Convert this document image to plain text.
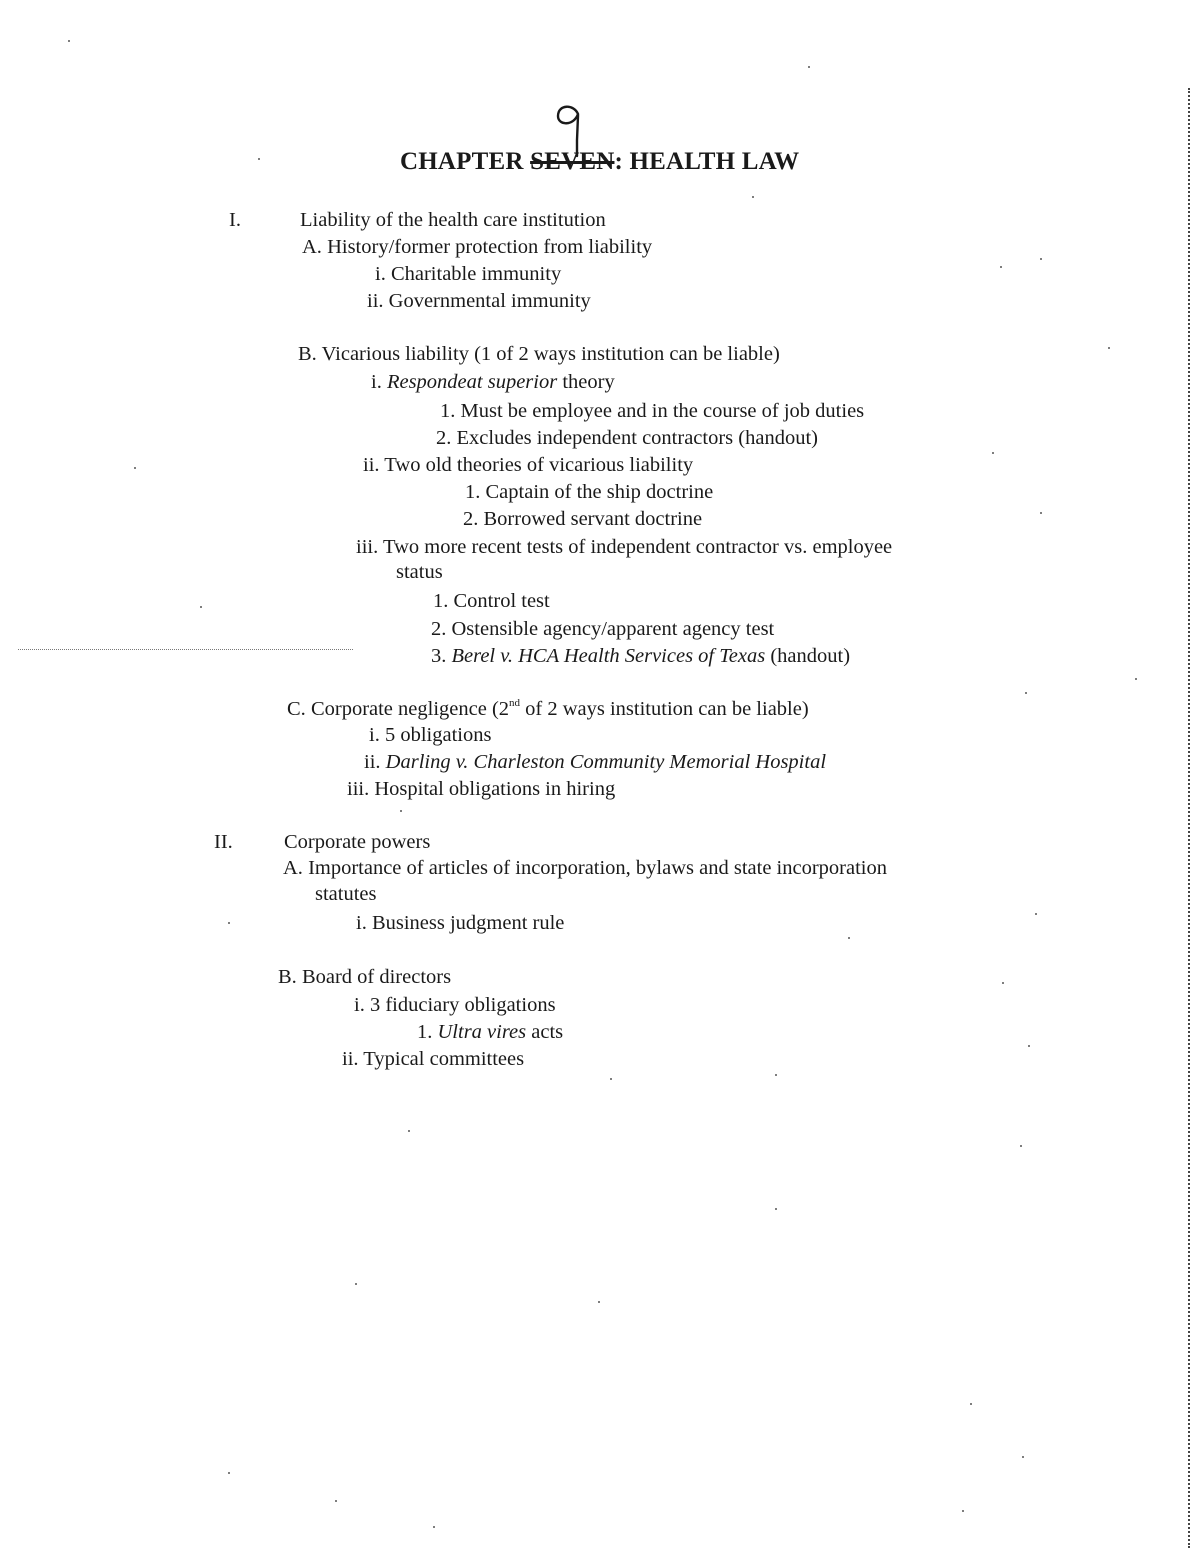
CHAPTER SEVEN: HEALTH LAW
I.	Liability of the health care institution
A. History/former protection from liability
i. Charitable immunity
ii. Governmental immunity
B. Vicarious liability (1 of 2 ways institution can be liable)
i. Respondeat superior theory
1. Must be employee and in the course of job duties
2. Excludes independent contractors (handout)
ii. Two old theories of vicarious liability
1. Captain of the ship doctrine
2. Borrowed servant doctrine
iii. Two more recent tests of independent contractor vs. employee
status
1. Control test
2. Ostensible agency/apparent agency test
3. Berel v. HCA Health Services of Texas (handout)
C. Corporate negligence (2nd of 2 ways institution can be liable)
i. 5 obligations
ii. Darling v. Charleston Community Memorial Hospital
iii. Hospital obligations in hiring
II. Corporate powers
A. Importance of articles of incorporation, bylaws and state incorporation
statutes
i. Business judgment rule
B. Board of directors
i. 3 fiduciary obligations
1. Ultra vires acts
ii. Typical committees
